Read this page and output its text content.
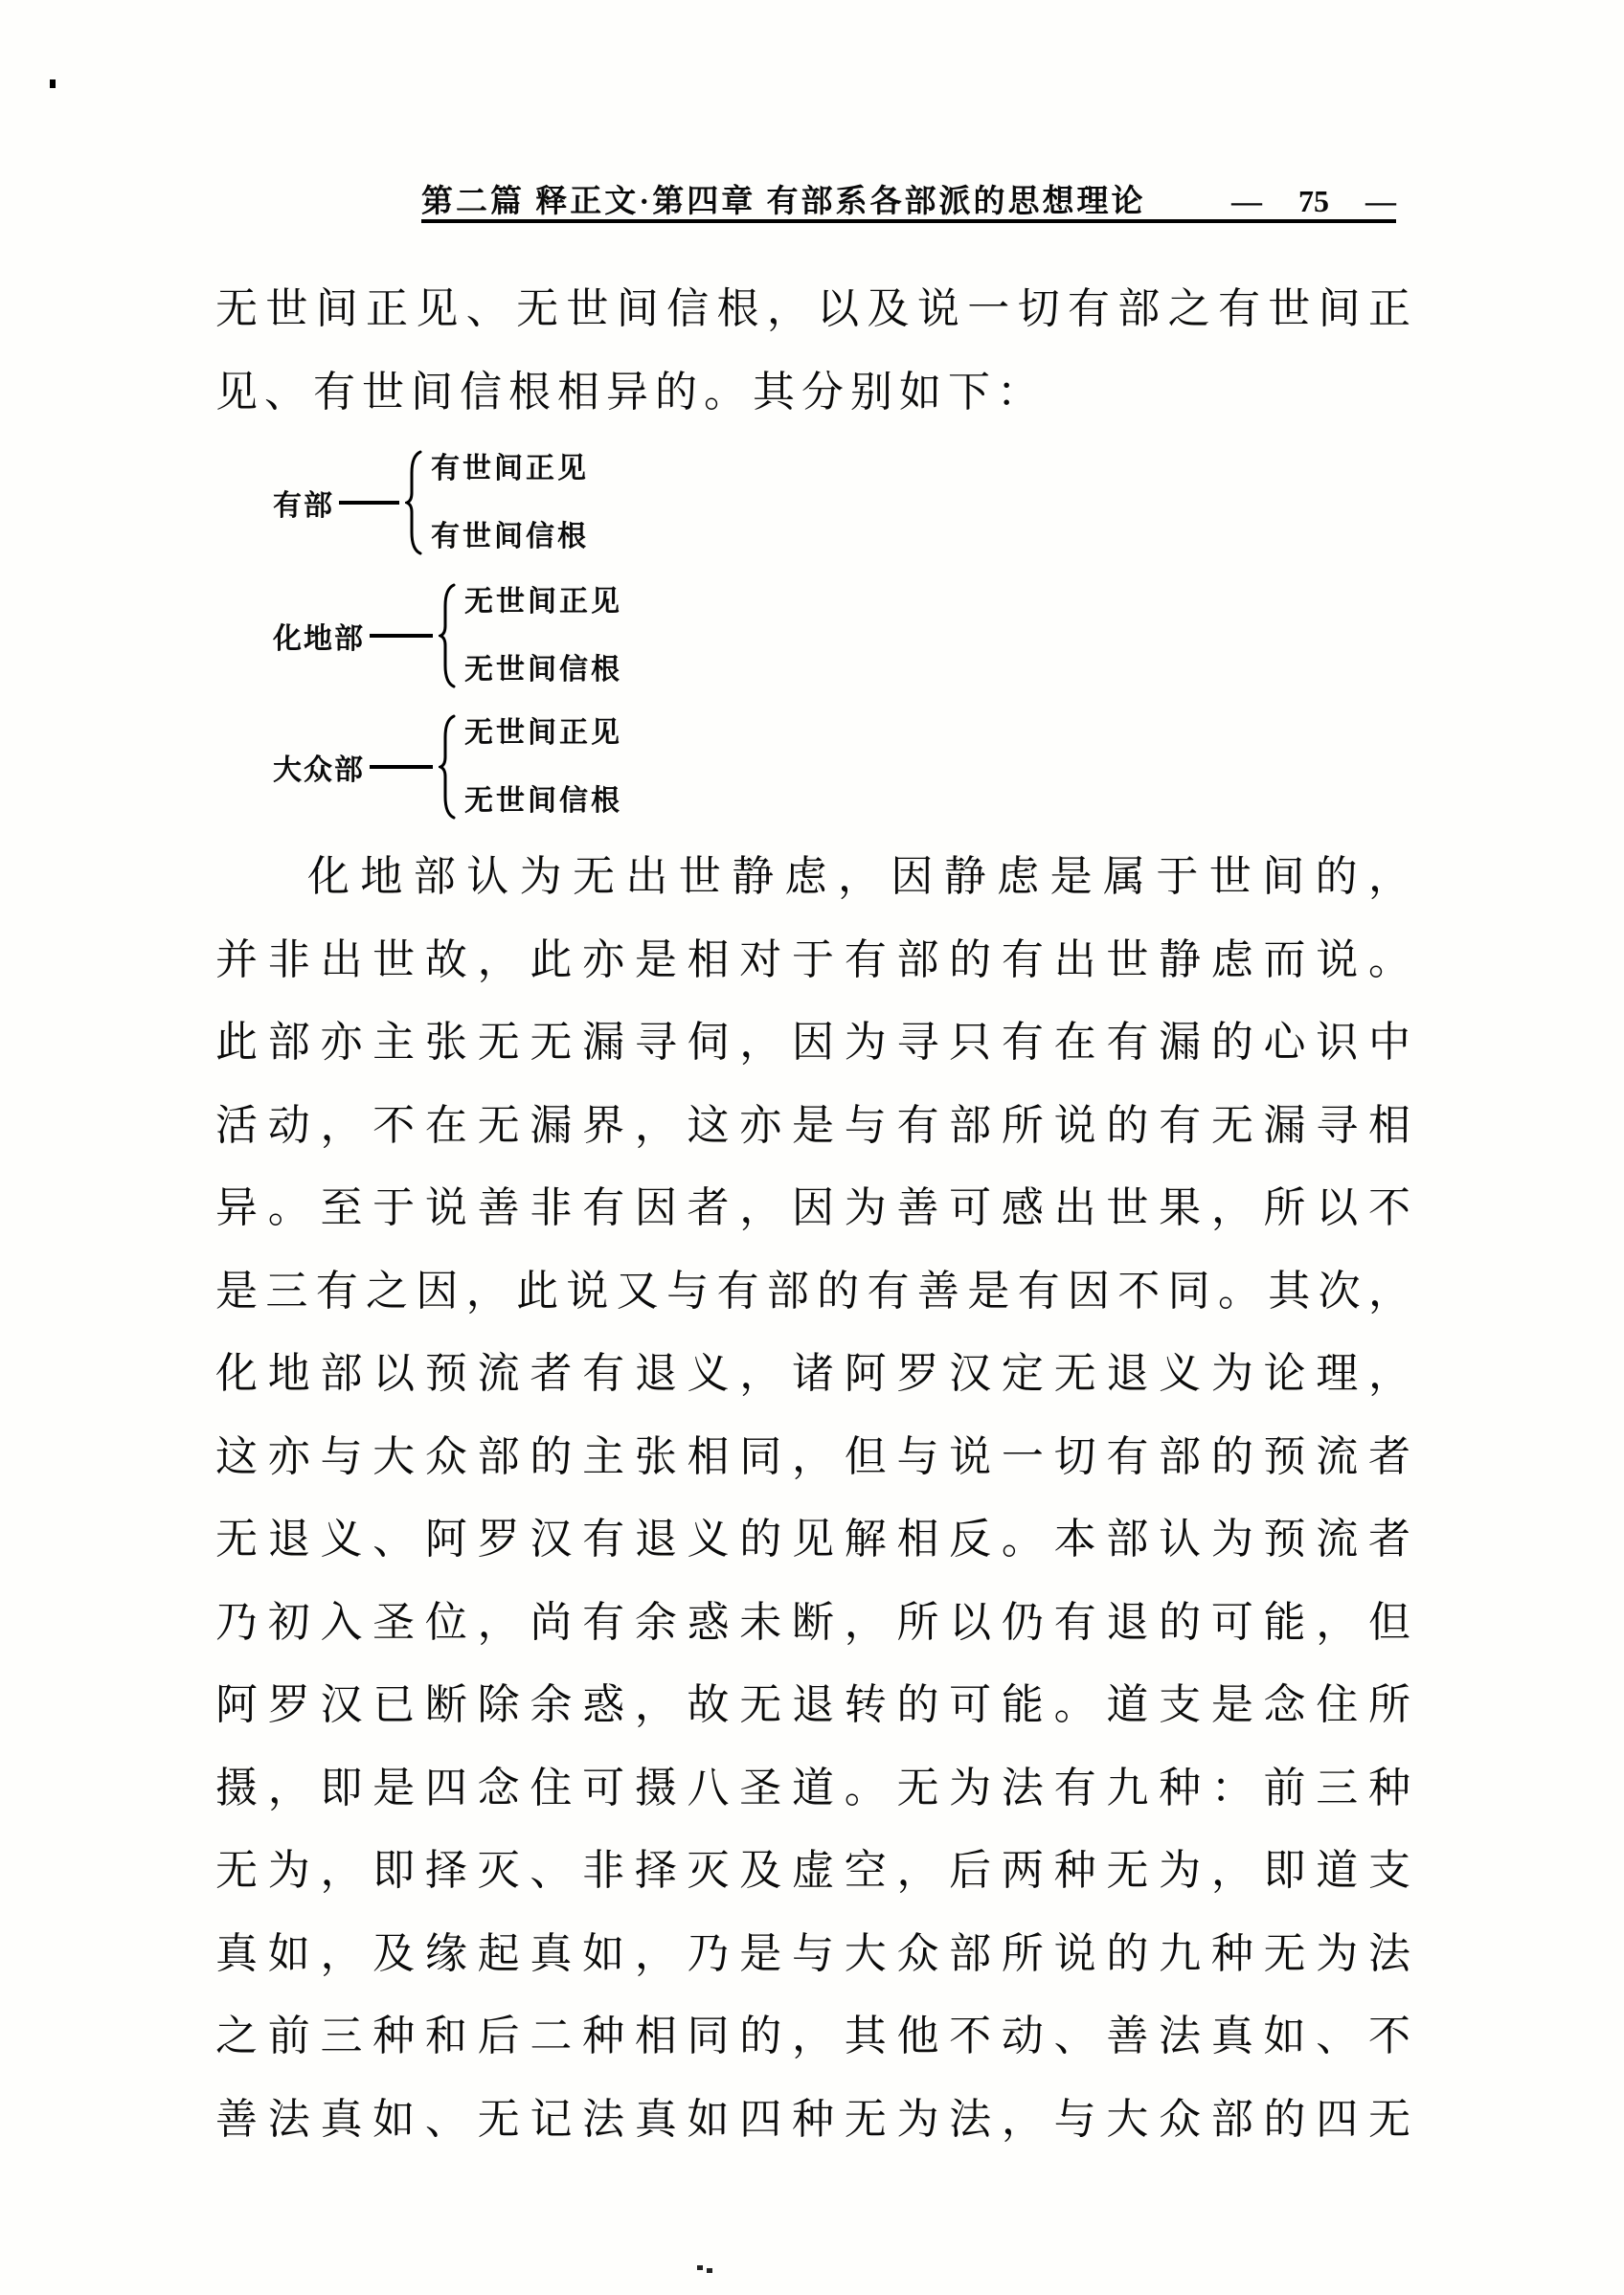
第二篇 释正文·第四章 有部系各部派的思想理论	— 75 —
无世间正见、无世间信根，以及说一切有部之有世间正
见、有世间信根相异的。其分别如下：
有部
有世间正见
有世间信根
化地部
无世间正见
无世间信根
大众部
无世间正见
无世间信根
化地部认为无出世静虑，因静虑是属于世间的，
并非出世故，此亦是相对于有部的有出世静虑而说。
此部亦主张无无漏寻伺，因为寻只有在有漏的心识中
活动，不在无漏界，这亦是与有部所说的有无漏寻相
异。至于说善非有因者，因为善可感出世果，所以不
是三有之因，此说又与有部的有善是有因不同。其次，
化地部以预流者有退义，诸阿罗汉定无退义为论理，
这亦与大众部的主张相同，但与说一切有部的预流者
无退义、阿罗汉有退义的见解相反。本部认为预流者
乃初入圣位，尚有余惑未断，所以仍有退的可能，但
阿罗汉已断除余惑，故无退转的可能。道支是念住所
摄，即是四念住可摄八圣道。无为法有九种：前三种
无为，即择灭、非择灭及虚空，后两种无为，即道支
真如，及缘起真如，乃是与大众部所说的九种无为法
之前三种和后二种相同的，其他不动、善法真如、不
善法真如、无记法真如四种无为法，与大众部的四无
